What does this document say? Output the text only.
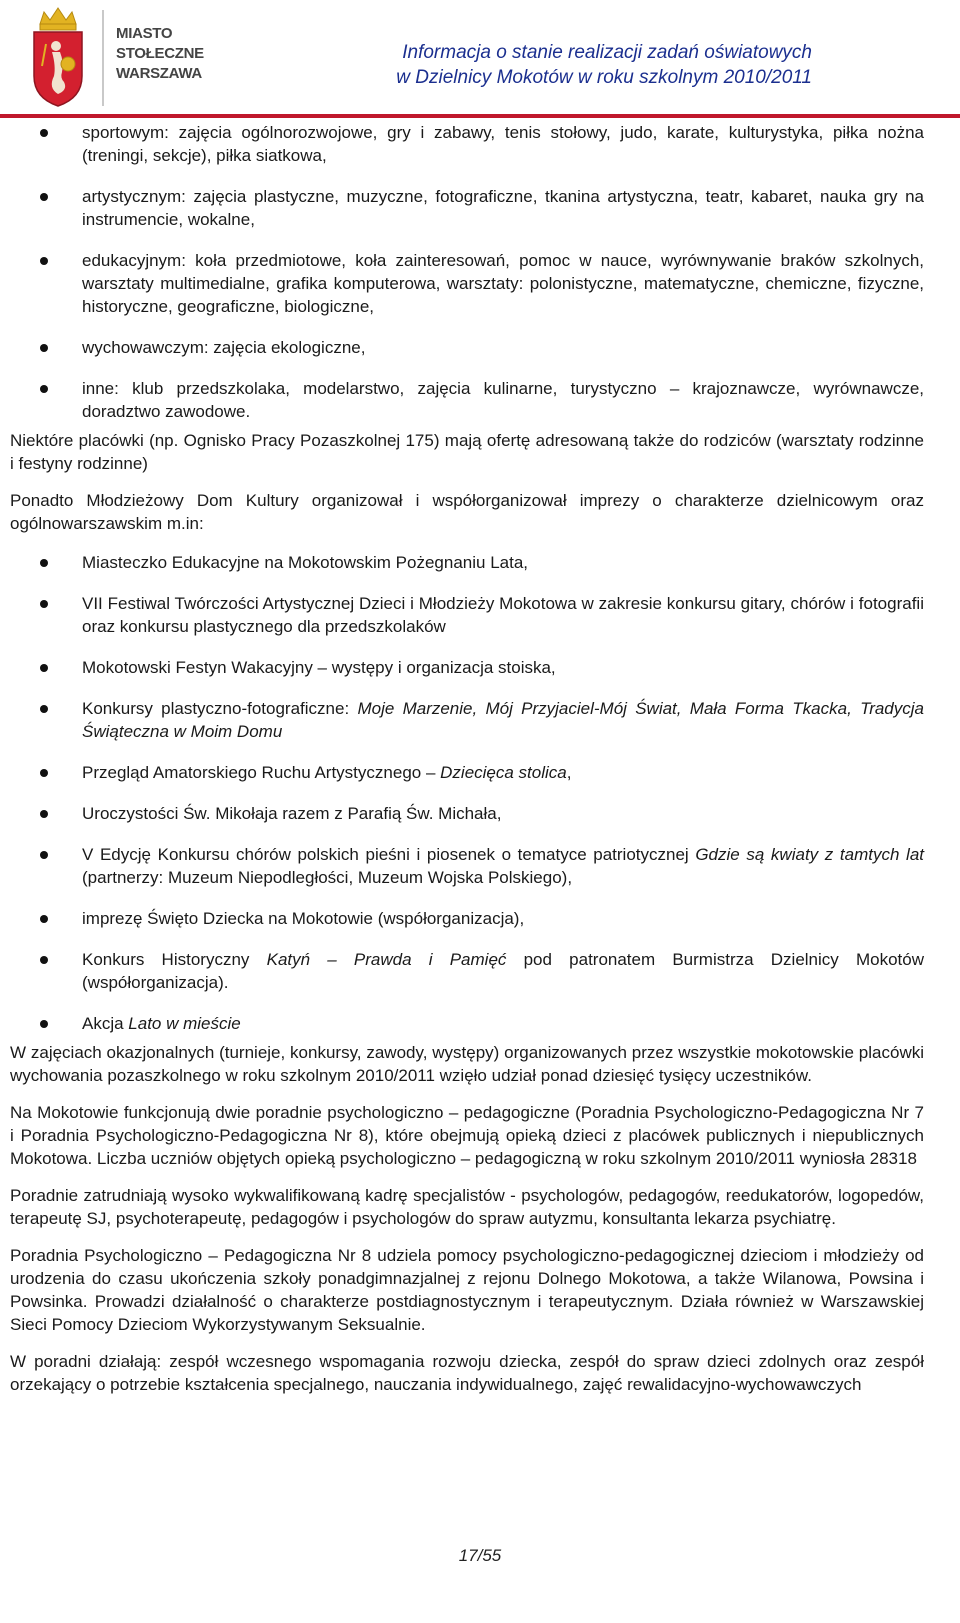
MIASTO
STOŁECZNE
WARSZAWA
Informacja o stanie realizacji zadań oświatowych
w Dzielnicy Mokotów w roku szkolnym 2010/2011
sportowym: zajęcia ogólnorozwojowe, gry i zabawy, tenis stołowy, judo, karate, kulturystyka, piłka nożna (treningi, sekcje), piłka siatkowa,
artystycznym: zajęcia plastyczne, muzyczne, fotograficzne, tkanina artystyczna, teatr, kabaret, nauka gry na instrumencie, wokalne,
edukacyjnym: koła przedmiotowe, koła zainteresowań, pomoc w nauce, wyrównywanie braków szkolnych, warsztaty multimedialne, grafika komputerowa, warsztaty: polonistyczne, matematyczne, chemiczne, fizyczne, historyczne, geograficzne, biologiczne,
wychowawczym: zajęcia ekologiczne,
inne: klub przedszkolaka, modelarstwo, zajęcia kulinarne, turystyczno – krajoznawcze, wyrównawcze, doradztwo zawodowe.

Niektóre placówki (np. Ognisko Pracy Pozaszkolnej 175) mają ofertę adresowaną także do rodziców (warsztaty rodzinne i festyny rodzinne)

Ponadto Młodzieżowy Dom Kultury organizował i współorganizował imprezy o charakterze dzielnicowym oraz ogólnowarszawskim m.in:

Miasteczko Edukacyjne na Mokotowskim Pożegnaniu Lata,
VII Festiwal Twórczości Artystycznej Dzieci i Młodzieży Mokotowa w zakresie konkursu gitary, chórów i fotografii oraz konkursu plastycznego dla przedszkolaków
Mokotowski Festyn Wakacyjny – występy i organizacja stoiska,
Konkursy plastyczno-fotograficzne: Moje Marzenie, Mój Przyjaciel-Mój Świat, Mała Forma Tkacka, Tradycja Świąteczna w Moim Domu
Przegląd Amatorskiego Ruchu Artystycznego – Dziecięca stolica,
Uroczystości Św. Mikołaja razem z Parafią Św. Michała,
V Edycję Konkursu chórów polskich pieśni i piosenek o tematyce patriotycznej Gdzie są kwiaty z tamtych lat (partnerzy: Muzeum Niepodległości, Muzeum Wojska Polskiego),
imprezę Święto Dziecka na Mokotowie (współorganizacja),
Konkurs Historyczny Katyń – Prawda i Pamięć pod patronatem Burmistrza Dzielnicy Mokotów (współorganizacja).
Akcja Lato w mieście

W zajęciach okazjonalnych (turnieje, konkursy, zawody, występy) organizowanych przez wszystkie mokotowskie placówki wychowania pozaszkolnego w roku szkolnym 2010/2011 wzięło udział ponad dziesięć tysięcy uczestników.

Na Mokotowie funkcjonują dwie poradnie psychologiczno – pedagogiczne (Poradnia Psychologiczno-Pedagogiczna Nr 7 i Poradnia Psychologiczno-Pedagogiczna Nr 8), które obejmują opieką dzieci z placówek publicznych i niepublicznych Mokotowa. Liczba uczniów objętych opieką psychologiczno – pedagogiczną w roku szkolnym 2010/2011 wyniosła 28318

Poradnie zatrudniają wysoko wykwalifikowaną kadrę specjalistów - psychologów, pedagogów, reedukatorów, logopedów, terapeutę SJ, psychoterapeutę, pedagogów i psychologów do spraw autyzmu, konsultanta lekarza psychiatrę.

Poradnia Psychologiczno – Pedagogiczna Nr 8 udziela pomocy psychologiczno-pedagogicznej dzieciom i młodzieży od urodzenia do czasu ukończenia szkoły ponadgimnazjalnej z rejonu Dolnego Mokotowa, a także Wilanowa, Powsina i Powsinka. Prowadzi działalność o charakterze postdiagnostycznym i terapeutycznym. Działa również w Warszawskiej Sieci Pomocy Dzieciom Wykorzystywanym Seksualnie.

W poradni działają: zespół wczesnego wspomagania rozwoju dziecka, zespół do spraw dzieci zdolnych oraz zespół orzekający o potrzebie kształcenia specjalnego, nauczania indywidualnego, zajęć rewalidacyjno-wychowawczych

17/55
